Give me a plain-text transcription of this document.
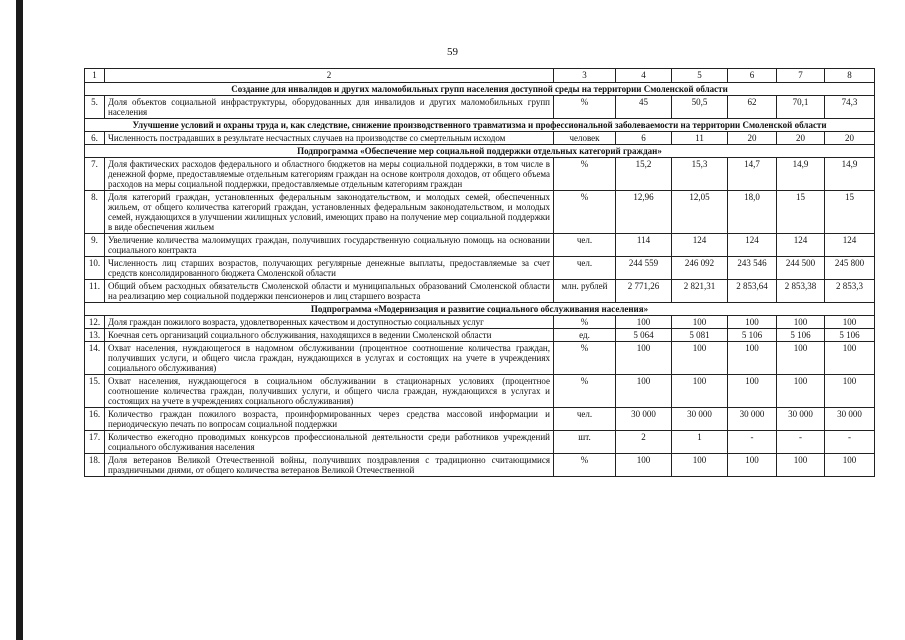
59
1	2	3	4	5	6	7	8
Создание для инвалидов и других маломобильных групп населения доступной среды на территории Смоленской области							
5.	Доля объектов социальной инфраструктуры, оборудованных для инвалидов и других маломобильных групп населения	%	45	50,5	62	70,1	74,3
Улучшение условий и охраны труда и, как следствие, снижение производственного травматизма и профессиональной заболеваемости на территории Смоленской области							
6.	Численность пострадавших в результате несчастных случаев на производстве со смертельным исходом	человек	6	11	20	20	20
Подпрограмма «Обеспечение мер социальной поддержки отдельных категорий граждан»							
7.	Доля фактических расходов федерального и областного бюджетов на меры социальной поддержки, в том числе в денежной форме, предоставляемые отдельным категориям граждан на основе контроля доходов, от общего объема расходов на меры социальной поддержки, предоставляемые отдельным категориям граждан	%	15,2	15,3	14,7	14,9	14,9
8.	Доля категорий граждан, установленных федеральным законодательством, и молодых семей, обеспеченных жильем, от общего количества категорий граждан, установленных федеральным законодательством, и молодых семей, нуждающихся в улучшении жилищных условий, имеющих право на получение мер социальной поддержки в виде обеспечения жильем	%	12,96	12,05	18,0	15	15
9.	Увеличение количества малоимущих граждан, получивших государственную социальную помощь на основании социального контракта	чел.	114	124	124	124	124
10.	Численность лиц старших возрастов, получающих регулярные денежные выплаты, предоставляемые за счет средств консолидированного бюджета Смоленской области	чел.	244 559	246 092	243 546	244 500	245 800
11.	Общий объем расходных обязательств Смоленской области и муниципальных образований Смоленской области на реализацию мер социальной поддержки пенсионеров и лиц старшего возраста	млн. рублей	2 771,26	2 821,31	2 853,64	2 853,38	2 853,3
Подпрограмма «Модернизация и развитие социального обслуживания населения»							
12.	Доля граждан пожилого возраста, удовлетворенных качеством и доступностью социальных услуг	%	100	100	100	100	100
13.	Коечная сеть организаций социального обслуживания, находящихся в ведении Смоленской области	ед.	5 064	5 081	5 106	5 106	5 106
14.	Охват населения, нуждающегося в надомном обслуживании (процентное соотношение количества граждан, получивших услуги, и общего числа граждан, нуждающихся в услугах и состоящих на учете в учреждениях социального обслуживания)	%	100	100	100	100	100
15.	Охват населения, нуждающегося в социальном обслуживании в стационарных условиях (процентное соотношение количества граждан, получивших услуги, и общего числа граждан, нуждающихся в услугах и состоящих на учете в учреждениях социального обслуживания)	%	100	100	100	100	100
16.	Количество граждан пожилого возраста, проинформированных через средства массовой информации и периодическую печать по вопросам социальной поддержки	чел.	30 000	30 000	30 000	30 000	30 000
17.	Количество ежегодно проводимых конкурсов профессиональной деятельности среди работников учреждений социального обслуживания населения	шт.	2	1	-	-	-
18.	Доля ветеранов Великой Отечественной войны, получивших поздравления с традиционно считающимися праздничными днями, от общего количества ветеранов Великой Отечественной	%	100	100	100	100	100
